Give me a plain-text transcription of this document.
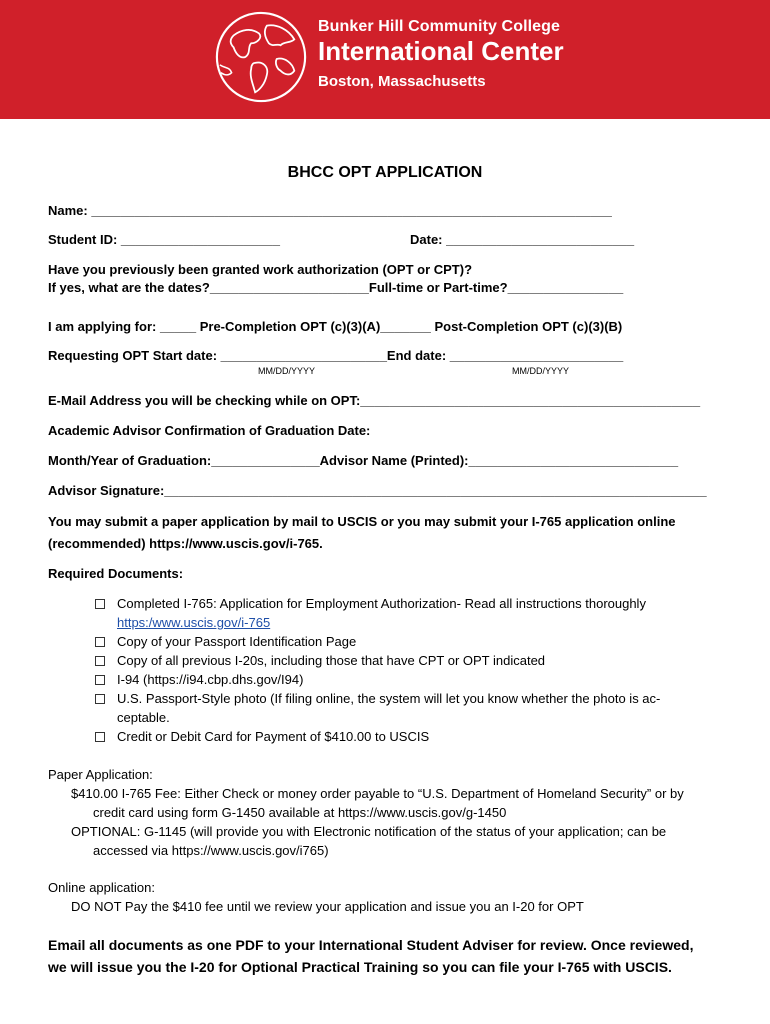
Bunker Hill Community College
International Center
Boston, Massachusetts
BHCC OPT APPLICATION
Name: ________________________________________________________________________
Student ID: ______________________	Date: __________________________
Have you previously been granted work authorization (OPT or CPT)?
If yes, what are the dates?______________________Full-time or Part-time?________________
I am applying for: _____ Pre-Completion OPT (c)(3)(A)_______ Post-Completion OPT (c)(3)(B)
Requesting OPT Start date: _______________________End date: ________________________
MM/DD/YYYY	MM/DD/YYYY
E-Mail Address you will be checking while on OPT:_______________________________________________
Academic Advisor Confirmation of Graduation Date:
Month/Year of Graduation:_______________Advisor Name (Printed):_____________________________
Advisor Signature:___________________________________________________________________________
You may submit a paper application by mail to USCIS or you may submit your I-765 application online
(recommended) https://www.uscis.gov/i-765.
Required Documents:
Completed I-765: Application for Employment Authorization- Read all instructions thoroughly
https:/www.uscis.gov/i-765
Copy of your Passport Identification Page
Copy of all previous I-20s, including those that have CPT or OPT indicated
I-94 (https://i94.cbp.dhs.gov/I94)
U.S. Passport-Style photo (If filing online, the system will let you know whether the photo is ac-
ceptable.
Credit or Debit Card for Payment of $410.00 to USCIS
Paper Application:
$410.00 I-765 Fee: Either Check or money order payable to “U.S. Department of Homeland Security” or by
credit card using form G-1450 available at https://www.uscis.gov/g-1450
OPTIONAL: G-1145 (will provide you with Electronic notification of the status of your application; can be
accessed via https://www.uscis.gov/i765)
Online application:
DO NOT Pay the $410 fee until we review your application and issue you an I-20 for OPT
Email all documents as one PDF to your International Student Adviser for review. Once reviewed,
we will issue you the I-20 for Optional Practical Training so you can file your I-765 with USCIS.
